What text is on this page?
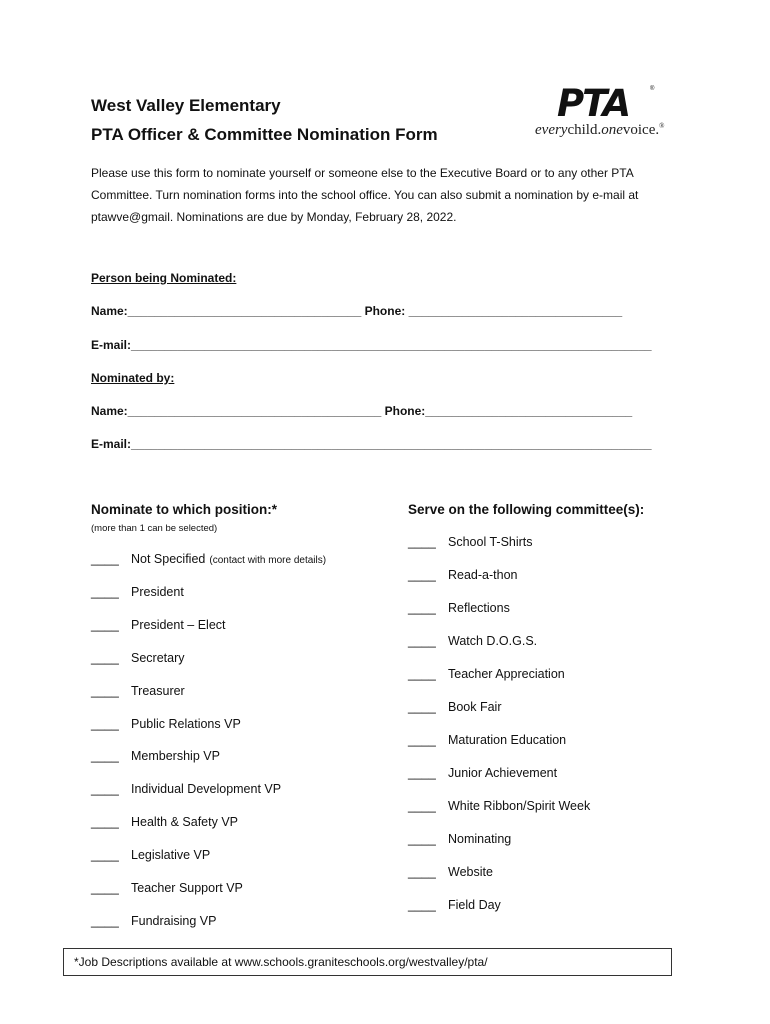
West Valley Elementary
PTA Officer & Committee Nomination Form
PTA	®
everychild.onevoice.®
Please use this form to nominate yourself or someone else to the Executive Board or to any other PTA Committee. Turn nomination forms into the school office. You can also submit a nomination by e-mail at ptawve@gmail. Nominations are due by Monday, February 28, 2022.
Person being Nominated:
Name:___________________________________ Phone: ________________________________
E-mail:______________________________________________________________________________
Nominated by:
Name:______________________________________ Phone:_______________________________
E-mail:______________________________________________________________________________
Nominate to which position:*
(more than 1 can be selected)
____ Not Specified (contact with more details)
____ President
____ President – Elect
____ Secretary
____ Treasurer
____ Public Relations VP
____ Membership VP
____ Individual Development VP
____ Health & Safety VP
____ Legislative VP
____ Teacher Support VP
____ Fundraising VP
Serve on the following committee(s):
____ School T-Shirts
____ Read-a-thon
____ Reflections
____ Watch D.O.G.S.
____ Teacher Appreciation
____ Book Fair
____ Maturation Education
____ Junior Achievement
____ White Ribbon/Spirit Week
____ Nominating
____ Website
____ Field Day
*Job Descriptions available at www.schools.graniteschools.org/westvalley/pta/
